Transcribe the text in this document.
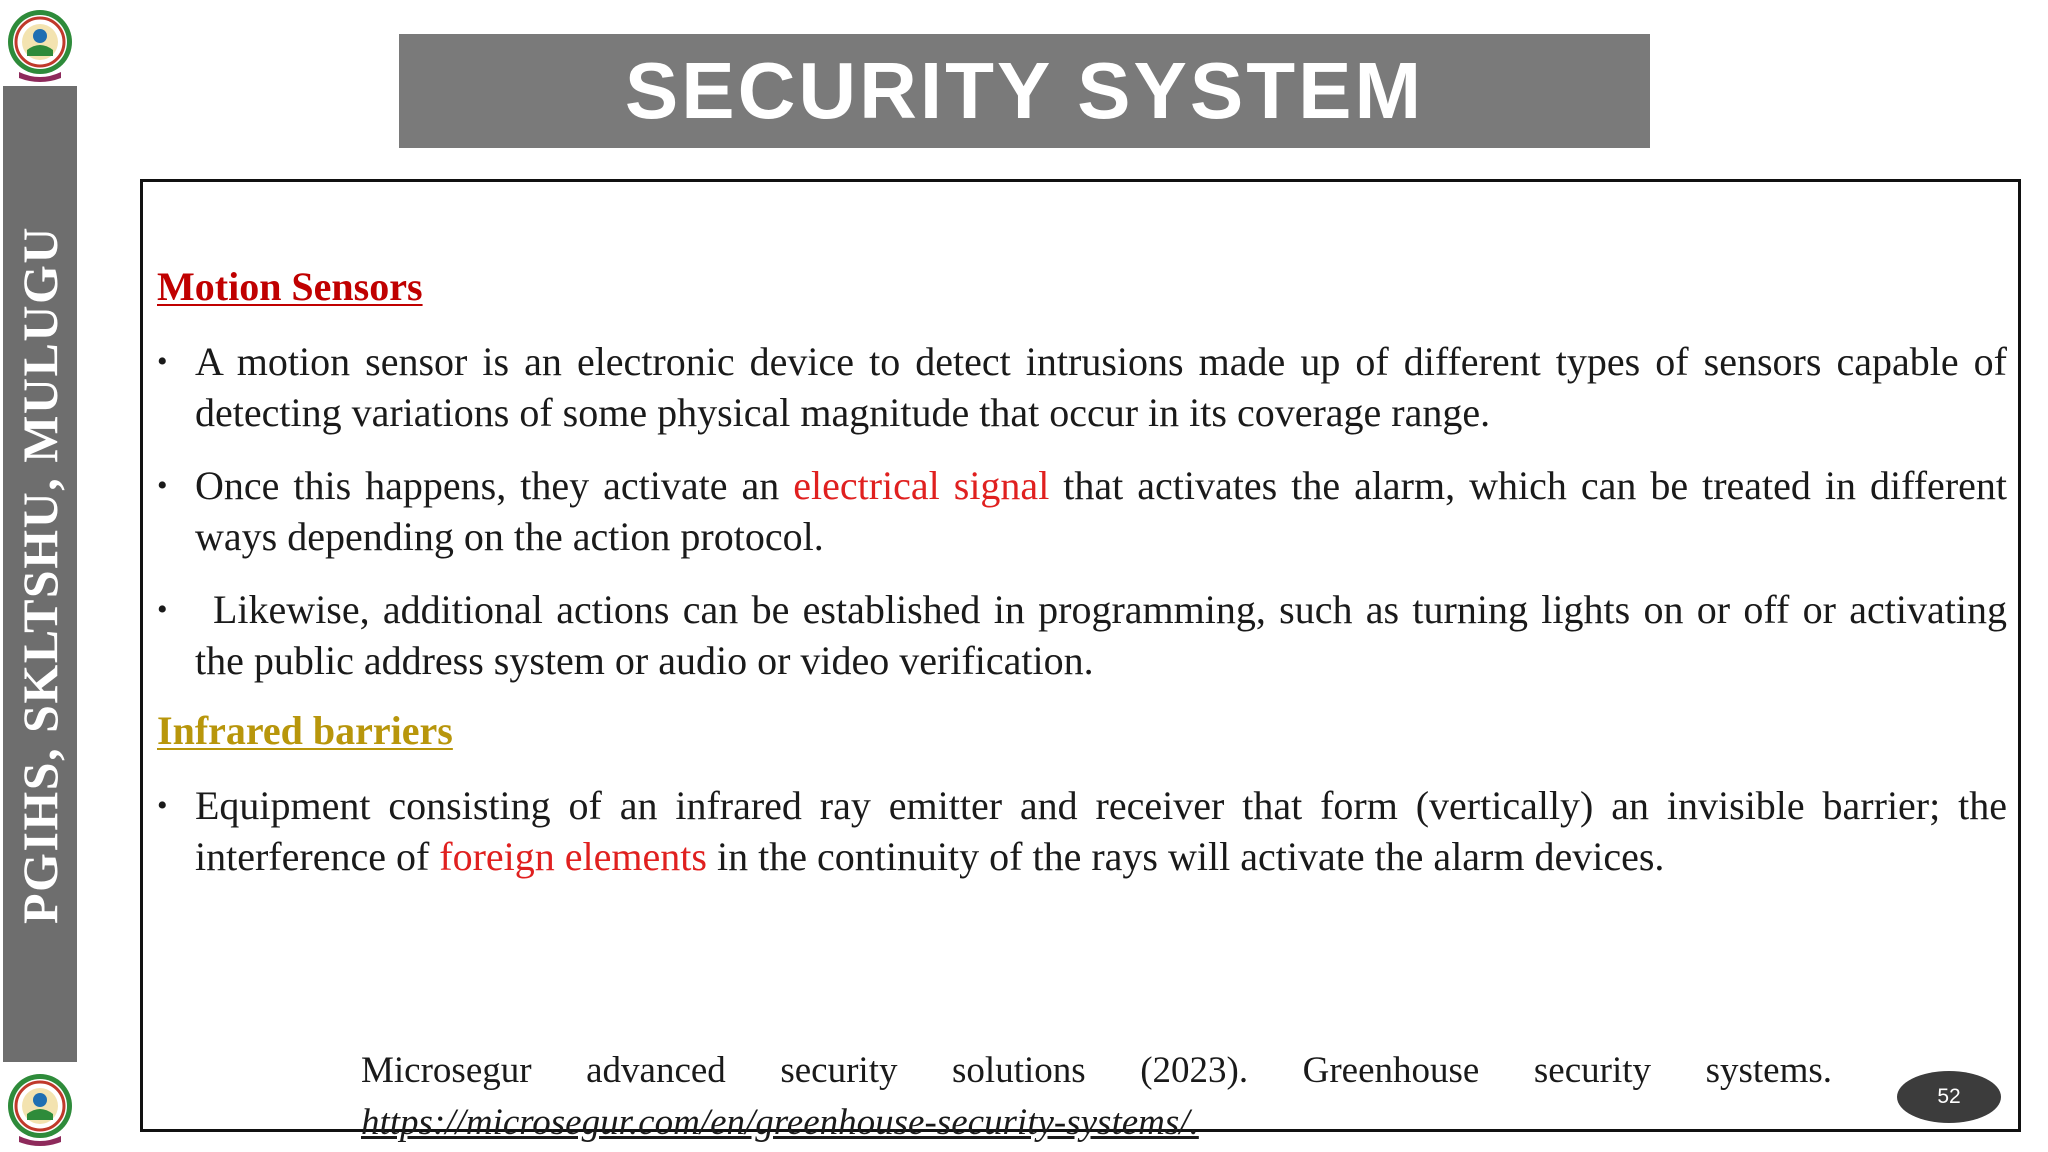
PGIHS, SKLTSHU, MULUGU
SECURITY SYSTEM
Motion Sensors
• A motion sensor is an electronic device to detect intrusions made up of different types of sensors capable of detecting variations of some physical magnitude that occur in its coverage range.
• Once this happens, they activate an electrical signal that activates the alarm, which can be treated in different ways depending on the action protocol.
•	Likewise, additional actions can be established in programming, such as turning lights on or off or activating the public address system or audio or video verification.
Infrared barriers
• Equipment consisting of an infrared ray emitter and receiver that form (vertically) an invisible barrier; the interference of foreign elements in the continuity of the rays will activate the alarm devices.
Microsegur advanced security solutions (2023). Greenhouse security systems.
https://microsegur.com/en/greenhouse-security-systems/.
52
